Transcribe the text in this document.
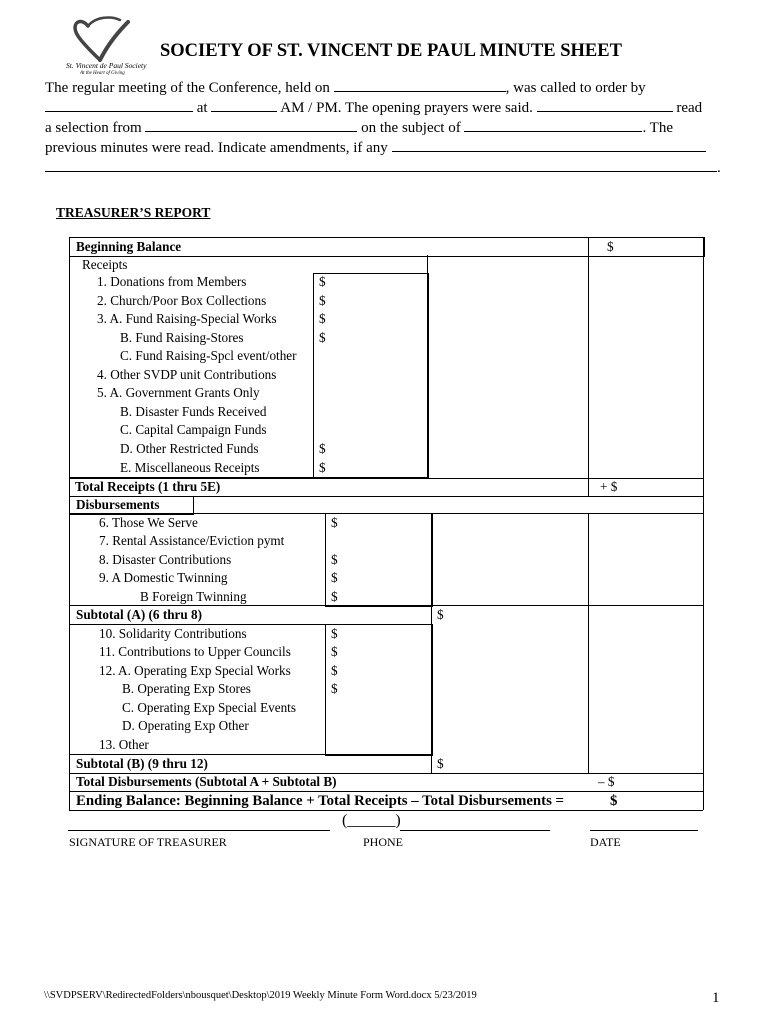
St. Vincent de Paul Society
At the Heart of Giving
SOCIETY OF ST. VINCENT DE PAUL MINUTE SHEET
The regular meeting of the Conference, held on	, was called to order by
at	AM / PM. The opening prayers were said.	read
a selection from	on the subject of	. The
previous minutes were read. Indicate amendments, if any
.
TREASURER’S REPORT
Beginning Balance	$
Receipts
1. Donations from Members	$
2. Church/Poor Box Collections	$
3. A. Fund Raising-Special Works	$
B. Fund Raising-Stores	$
C. Fund Raising-Spcl event/other
4. Other SVDP unit Contributions
5. A. Government Grants Only
B. Disaster Funds Received
C. Capital Campaign Funds
D. Other Restricted Funds	$
E. Miscellaneous Receipts	$
Total Receipts (1 thru 5E)	+ $
Disbursements
6. Those We Serve	$
7. Rental Assistance/Eviction pymt
8. Disaster Contributions	$
9. A Domestic Twinning	$
B Foreign Twinning	$
Subtotal (A) (6 thru 8)	$
10. Solidarity Contributions	$
11. Contributions to Upper Councils	$
12. A. Operating Exp Special Works	$
B. Operating Exp Stores	$
C. Operating Exp Special Events
D. Operating Exp Other
13. Other
Subtotal (B) (9 thru 12)	$
Total Disbursements (Subtotal A + Subtotal B)	– $
Ending Balance: Beginning Balance + Total Receipts – Total Disbursements =	$
(______)
SIGNATURE OF TREASURER	PHONE	DATE
\\SVDPSERV\RedirectedFolders\nbousquet\Desktop\2019 Weekly Minute Form Word.docx 5/23/2019	1
